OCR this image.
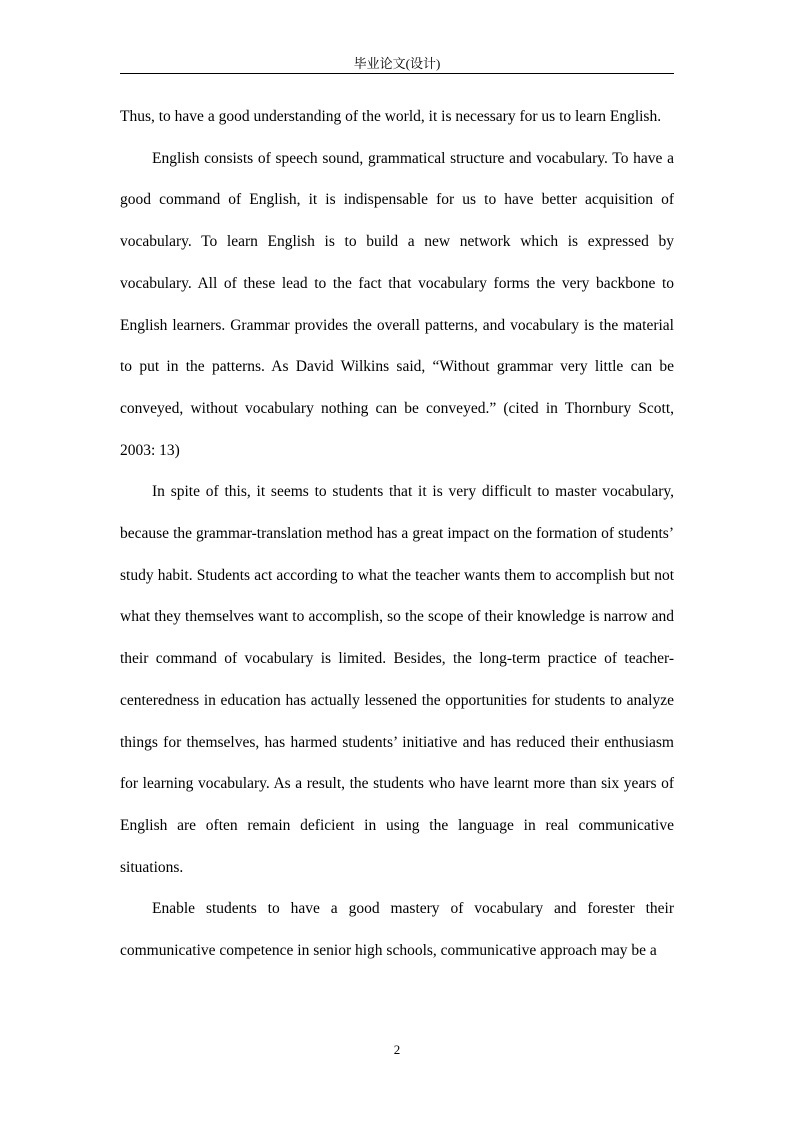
毕业论文(设计)

Thus, to have a good understanding of the world, it is necessary for us to learn English.

English consists of speech sound, grammatical structure and vocabulary. To have a good command of English, it is indispensable for us to have better acquisition of vocabulary. To learn English is to build a new network which is expressed by vocabulary. All of these lead to the fact that vocabulary forms the very backbone to English learners. Grammar provides the overall patterns, and vocabulary is the material to put in the patterns. As David Wilkins said, “Without grammar very little can be conveyed, without vocabulary nothing can be conveyed.” (cited in Thornbury Scott, 2003: 13)

In spite of this, it seems to students that it is very difficult to master vocabulary, because the grammar-translation method has a great impact on the formation of students’ study habit. Students act according to what the teacher wants them to accomplish but not what they themselves want to accomplish, so the scope of their knowledge is narrow and their command of vocabulary is limited. Besides, the long-term practice of teacher-centeredness in education has actually lessened the opportunities for students to analyze things for themselves, has harmed students’ initiative and has reduced their enthusiasm for learning vocabulary. As a result, the students who have learnt more than six years of English are often remain deficient in using the language in real communicative situations.

Enable students to have a good mastery of vocabulary and forester their communicative competence in senior high schools, communicative approach may be a

2
